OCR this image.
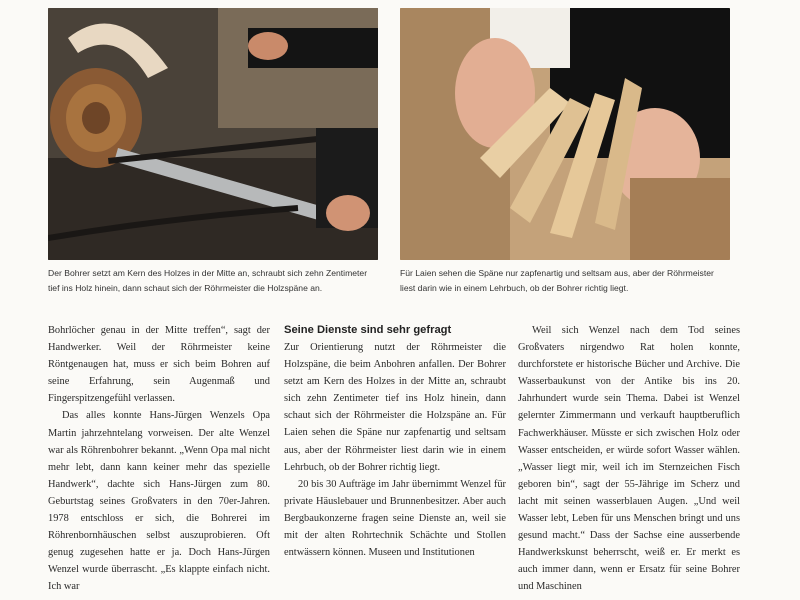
Der Bohrer setzt am Kern des Holzes in der Mitte an, schraubt sich zehn Zentimeter tief ins Holz hinein, dann schaut sich der Röhrmeister die Holzspäne an.
Für Laien sehen die Späne nur zapfenartig und seltsam aus, aber der Röhrmeister liest darin wie in einem Lehrbuch, ob der Bohrer richtig liegt.

Bohrlöcher genau in der Mitte treffen“, sagt der Handwerker. Weil der Röhrmeister keine Röntgenaugen hat, muss er sich beim Bohren auf seine Erfahrung, sein Augenmaß und Fingerspitzengefühl verlassen.

Das alles konnte Hans-Jürgen Wenzels Opa Martin jahrzehntelang vorweisen. Der alte Wenzel war als Röhrenbohrer bekannt. „Wenn Opa mal nicht mehr lebt, dann kann keiner mehr das spezielle Handwerk“, dachte sich Hans-Jürgen zum 80. Geburtstag seines Großvaters in den 70er-Jahren. 1978 entschloss er sich, die Bohrerei im Röhrenbornhäuschen selbst auszuprobieren. Oft genug zugesehen hatte er ja. Doch Hans-Jürgen Wenzel wurde überrascht. „Es klappte einfach nicht. Ich war

Seine Dienste sind sehr gefragt

Zur Orientierung nutzt der Röhrmeister die Holzspäne, die beim Anbohren anfallen. Der Bohrer setzt am Kern des Holzes in der Mitte an, schraubt sich zehn Zentimeter tief ins Holz hinein, dann schaut sich der Röhrmeister die Holzspäne an. Für Laien sehen die Späne nur zapfenartig und seltsam aus, aber der Röhrmeister liest darin wie in einem Lehrbuch, ob der Bohrer richtig liegt.

20 bis 30 Aufträge im Jahr übernimmt Wenzel für private Häuslebauer und Brunnenbesitzer. Aber auch Bergbaukonzerne fragen seine Dienste an, weil sie mit der alten Rohrtechnik Schächte und Stollen entwässern können. Museen und Institutionen

Weil sich Wenzel nach dem Tod seines Großvaters nirgendwo Rat holen konnte, durchforstete er historische Bücher und Archive. Die Wasserbaukunst von der Antike bis ins 20. Jahrhundert wurde sein Thema. Dabei ist Wenzel gelernter Zimmermann und verkauft hauptberuflich Fachwerkhäuser. Müsste er sich zwischen Holz oder Wasser entscheiden, er würde sofort Wasser wählen. „Wasser liegt mir, weil ich im Sternzeichen Fisch geboren bin“, sagt der 55-Jährige im Scherz und lacht mit seinen wasserblauen Augen. „Und weil Wasser lebt, Leben für uns Menschen bringt und uns gesund macht.“ Dass der Sachse eine ausserbende Handwerkskunst beherrscht, weiß er. Er merkt es auch immer dann, wenn er Ersatz für seine Bohrer und Maschinen
